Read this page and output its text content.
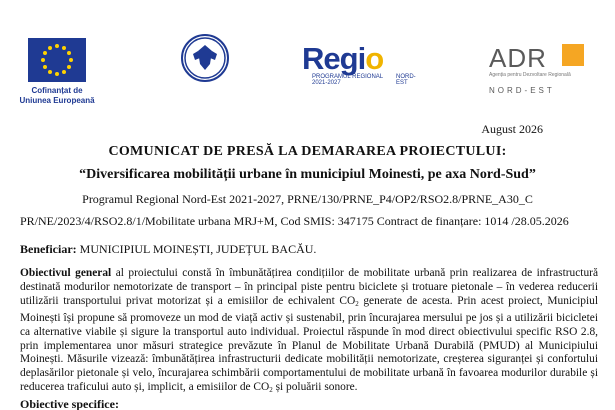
Cofinanțat de
Uniunea Europeană
Regio
PROGRAMUL REGIONAL 2021-2027
NORD-EST
ADR
Agenția pentru Dezvoltare Regională
NORD-EST
August 2026
COMUNICAT DE PRESĂ LA DEMARAREA PROIECTULUI:
“Diversificarea mobilității urbane în municipiul Moinesti, pe axa Nord-Sud”
Programul Regional Nord-Est 2021-2027, PRNE/130/PRNE_P4/OP2/RSO2.8/PRNE_A30_C
PR/NE/2023/4/RSO2.8/1/Mobilitate urbana MRJ+M, Cod SMIS: 347175 Contract de finanțare: 1014 /28.05.2026
Beneficiar: MUNICIPIUL MOINEȘTI, JUDEȚUL BACĂU.
Obiectivul general al proiectului constă în îmbunătățirea condițiilor de mobilitate urbană prin realizarea de infrastructură destinată modurilor nemotorizate de transport – în principal piste pentru biciclete și trotuare pietonale – în vederea reducerii utilizării transportului privat motorizat și a emisiilor de echivalent $CO_2$ generate de acesta. Prin acest proiect, Municipiul Moinești își propune să promoveze un mod de viață activ și sustenabil, prin încurajarea mersului pe jos și a utilizării bicicletei ca alternative viabile și sigure la transportul auto individual. Proiectul răspunde în mod direct obiectivului specific RSO 2.8, prin implementarea unor măsuri strategice prevăzute în Planul de Mobilitate Urbană Durabilă (PMUD) al Municipiului Moinești. Măsurile vizează: îmbunătățirea infrastructurii dedicate mobilității nemotorizate, creșterea siguranței și confortului deplasărilor pietonale și velo, încurajarea schimbării comportamentului de mobilitate urbană în favoarea modurilor durabile și reducerea traficului auto și, implicit, a emisiilor de $CO_2$ și poluării sonore.
Obiective specifice:
